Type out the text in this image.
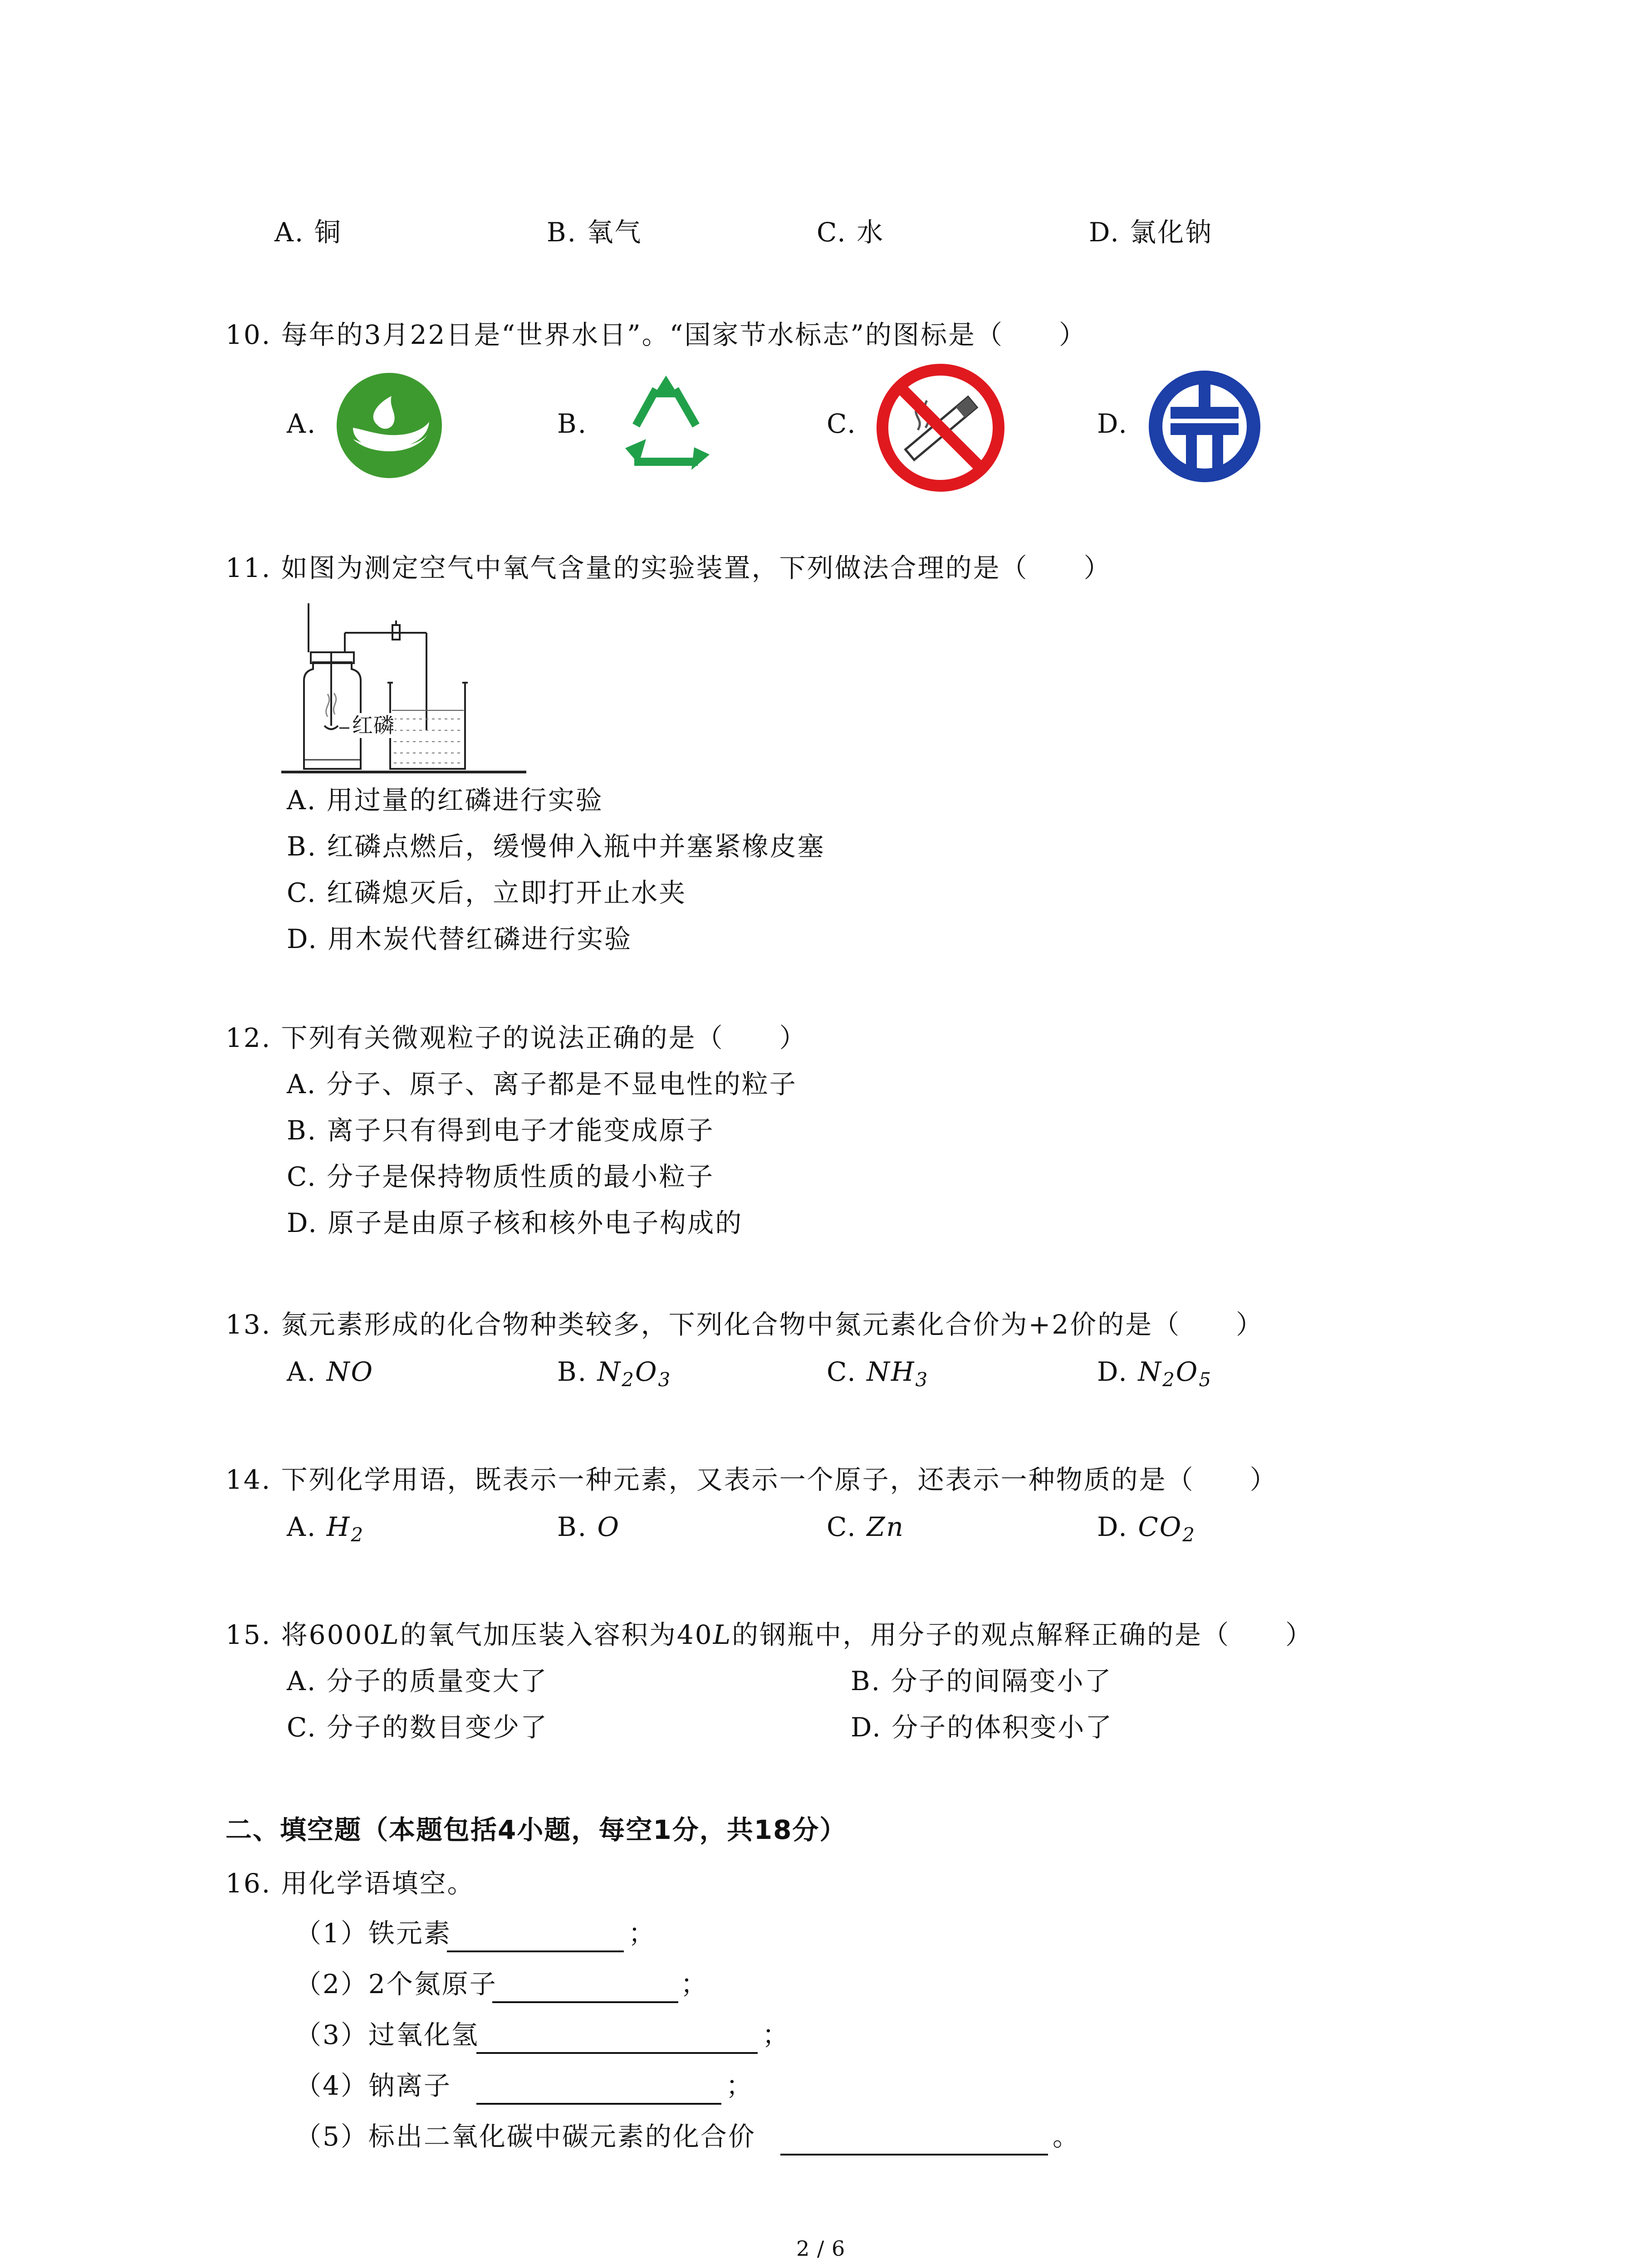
A. 铜	B. 氧气	C. 水	D. 氯化钠
10. 每年的3月22日是“世界水日”。“国家节水标志”的图标是（　　）
A.	B.	C.	D.
11. 如图为测定空气中氧气含量的实验装置，下列做法合理的是（　　）
红磷
A. 用过量的红磷进行实验
B. 红磷点燃后，缓慢伸入瓶中并塞紧橡皮塞
C. 红磷熄灭后，立即打开止水夹
D. 用木炭代替红磷进行实验
12. 下列有关微观粒子的说法正确的是（　　）
A. 分子、原子、离子都是不显电性的粒子
B. 离子只有得到电子才能变成原子
C. 分子是保持物质性质的最小粒子
D. 原子是由原子核和核外电子构成的
13. 氮元素形成的化合物种类较多，下列化合物中氮元素化合价为+2价的是（　　）
A. NO	B. $N_2O_3$	C. $NH_3$	D. $N_2O_5$
14. 下列化学用语，既表示一种元素，又表示一个原子，还表示一种物质的是（　　）
A. $H_2$	B. O	C. Zn	D. $CO_2$
15. 将6000L的氧气加压装入容积为40L的钢瓶中，用分子的观点解释正确的是（　　）
A. 分子的质量变大了	B. 分子的间隔变小了
C. 分子的数目变少了	D. 分子的体积变小了
二、填空题（本题包括4小题，每空1分，共18分）
16. 用化学语填空。
（1）铁元素	；
（2）2个氮原子	；
（3）过氧化氢	；
（4）钠离子	；
（5）标出二氧化碳中碳元素的化合价	。
2 / 6
